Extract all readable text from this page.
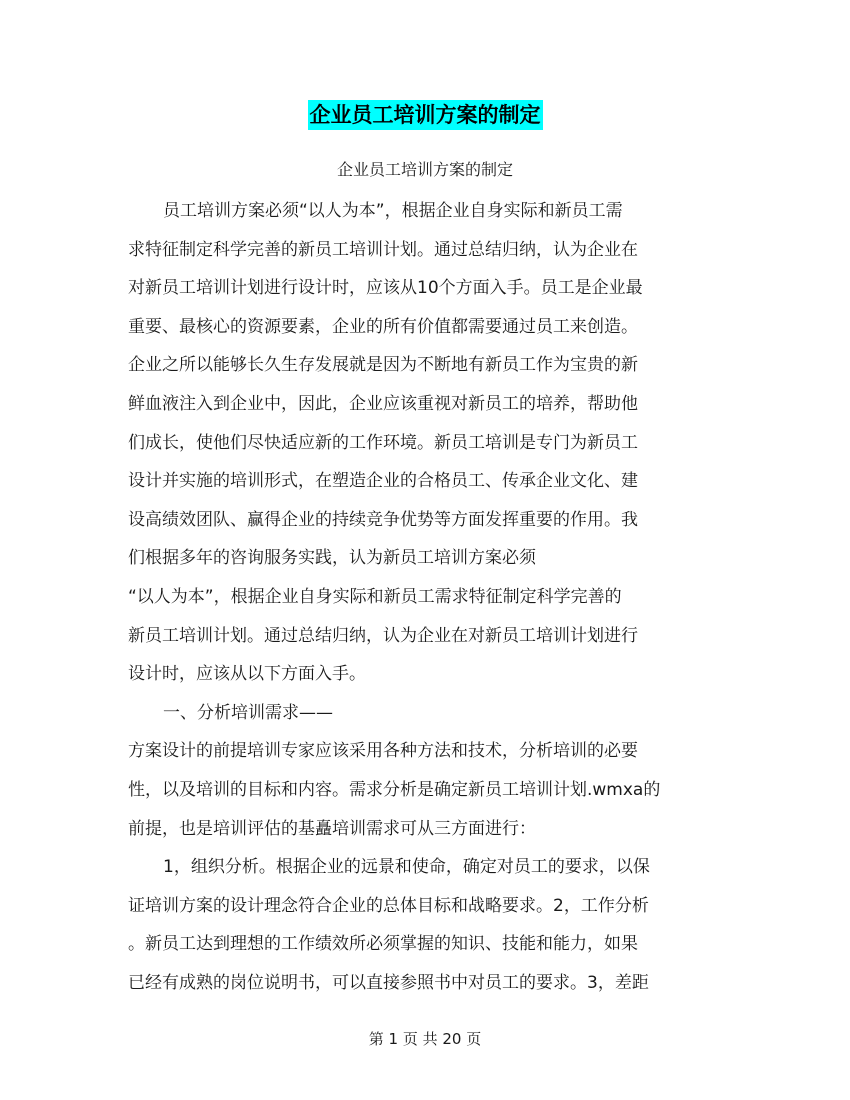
企业员工培训方案的制定
企业员工培训方案的制定

员工培训方案必须“以人为本”，根据企业自身实际和新员工需

求特征制定科学完善的新员工培训计划。通过总结归纳，认为企业在

对新员工培训计划进行设计时，应该从10个方面入手。员工是企业最

重要、最核心的资源要素，企业的所有价值都需要通过员工来创造。

企业之所以能够长久生存发展就是因为不断地有新员工作为宝贵的新

鲜血液注入到企业中，因此，企业应该重视对新员工的培养，帮助他

们成长，使他们尽快适应新的工作环境。新员工培训是专门为新员工

设计并实施的培训形式，在塑造企业的合格员工、传承企业文化、建

设高绩效团队、赢得企业的持续竞争优势等方面发挥重要的作用。我

们根据多年的咨询服务实践，认为新员工培训方案必须

“以人为本”，根据企业自身实际和新员工需求特征制定科学完善的

新员工培训计划。通过总结归纳，认为企业在对新员工培训计划进行

设计时，应该从以下方面入手。

一、分析培训需求——

方案设计的前提培训专家应该采用各种方法和技术，分析培训的必要

性，以及培训的目标和内容。需求分析是确定新员工培训计划.wmxa的

前提，也是培训评估的基矗培训需求可从三方面进行：

1，组织分析。根据企业的远景和使命，确定对员工的要求，以保

证培训方案的设计理念符合企业的总体目标和战略要求。2，工作分析

。新员工达到理想的工作绩效所必须掌握的知识、技能和能力，如果

已经有成熟的岗位说明书，可以直接参照书中对员工的要求。3，差距

第 1 页 共 20 页
